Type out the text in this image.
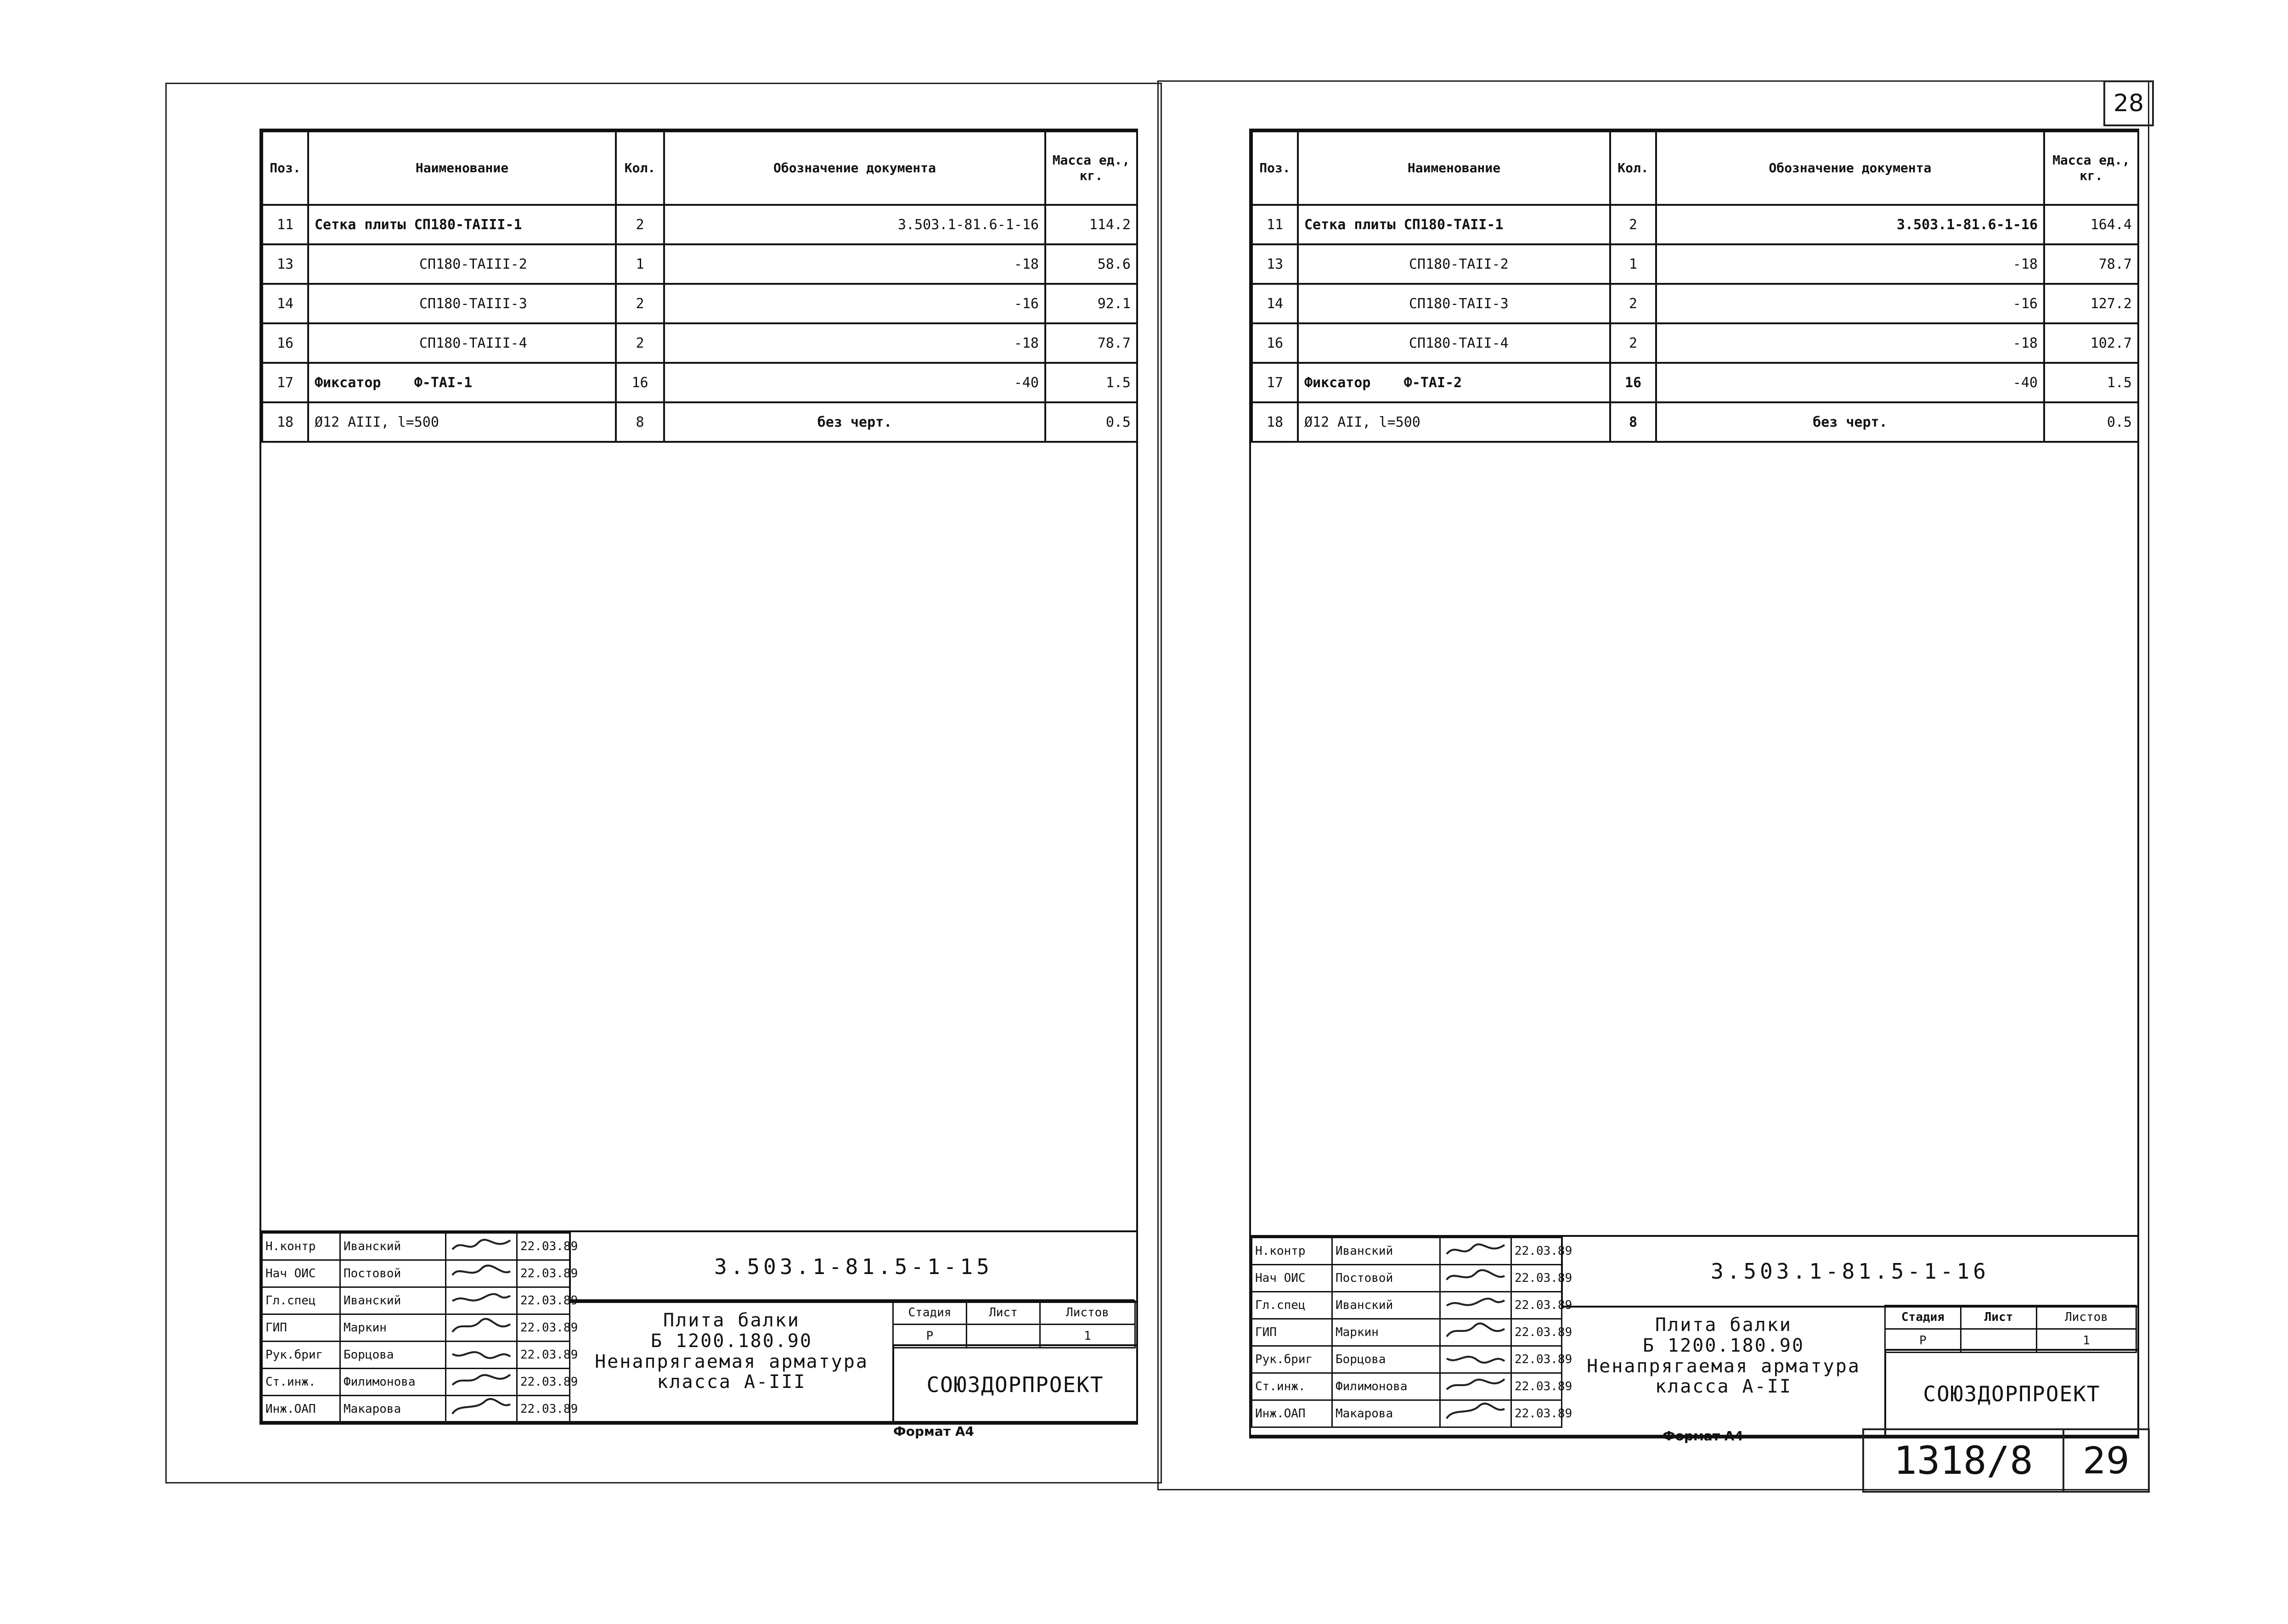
28
Поз.	Наименование	Кол.	Обозначение документа	Масса ед., кг.
11	Сетка плиты СП180-ТАIII-1	2	3.503.1-81.6-1-16	114.2
13	СП180-ТАIII-2	1	-18	58.6
14	СП180-ТАIII-3	2	-16	92.1
16	СП180-ТАIII-4	2	-18	78.7
17	Фиксатор    Ф-ТАI-1	16	-40	1.5
18	Ø12 АIII, l=500	8	без черт.	0.5
Н.контр	Иванский		22.03.89
Нач ОИС	Постовой		22.03.89
Гл.спец	Иванский		22.03.89
ГИП	Маркин		22.03.89
Рук.бриг	Борцова		22.03.89
Ст.инж.	Филимонова		22.03.89
Инж.ОАП	Макарова		22.03.89
3.503.1-81.5-1-15
Плита балки
Б 1200.180.90
Ненапрягаемая арматура
класса А-III
Стадия	Лист	Листов
Р		1
СОЮЗДОРПРОЕКТ
Формат А4
Поз.	Наименование	Кол.	Обозначение документа	Масса ед., кг.
11	Сетка плиты СП180-ТАII-1	2	3.503.1-81.6-1-16	164.4
13	СП180-ТАII-2	1	-18	78.7
14	СП180-ТАII-3	2	-16	127.2
16	СП180-ТАII-4	2	-18	102.7
17	Фиксатор    Ф-ТАI-2	16	-40	1.5
18	Ø12 АII, l=500	8	без черт.	0.5
Н.контр	Иванский		22.03.89
Нач ОИС	Постовой		22.03.89
Гл.спец	Иванский		22.03.89
ГИП	Маркин		22.03.89
Рук.бриг	Борцова		22.03.89
Ст.инж.	Филимонова		22.03.89
Инж.ОАП	Макарова		22.03.89
3.503.1-81.5-1-16
Плита балки
Б 1200.180.90
Ненапрягаемая арматура
класса А-II
Стадия	Лист	Листов
Р		1
СОЮЗДОРПРОЕКТ
Формат А4
1318/8 29
